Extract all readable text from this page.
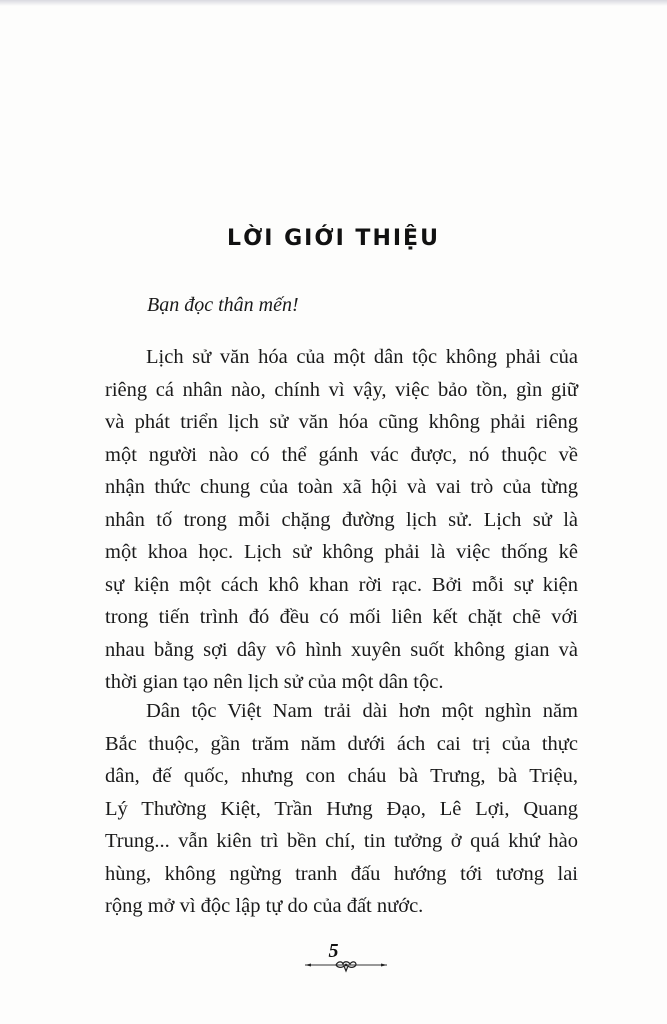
LỜI GIỚI THIỆU
Bạn đọc thân mến!
Lịch sử văn hóa của một dân tộc không phải của
riêng cá nhân nào, chính vì vậy, việc bảo tồn, gìn giữ
và phát triển lịch sử văn hóa cũng không phải riêng
một người nào có thể gánh vác được, nó thuộc về
nhận thức chung của toàn xã hội và vai trò của từng
nhân tố trong mỗi chặng đường lịch sử. Lịch sử là
một khoa học. Lịch sử không phải là việc thống kê
sự kiện một cách khô khan rời rạc. Bởi mỗi sự kiện
trong tiến trình đó đều có mối liên kết chặt chẽ với
nhau bằng sợi dây vô hình xuyên suốt không gian và
thời gian tạo nên lịch sử của một dân tộc.
Dân tộc Việt Nam trải dài hơn một nghìn năm
Bắc thuộc, gần trăm năm dưới ách cai trị của thực
dân, đế quốc, nhưng con cháu bà Trưng, bà Triệu,
Lý Thường Kiệt, Trần Hưng Đạo, Lê Lợi, Quang
Trung... vẫn kiên trì bền chí, tin tưởng ở quá khứ hào
hùng, không ngừng tranh đấu hướng tới tương lai
rộng mở vì độc lập tự do của đất nước.
5
